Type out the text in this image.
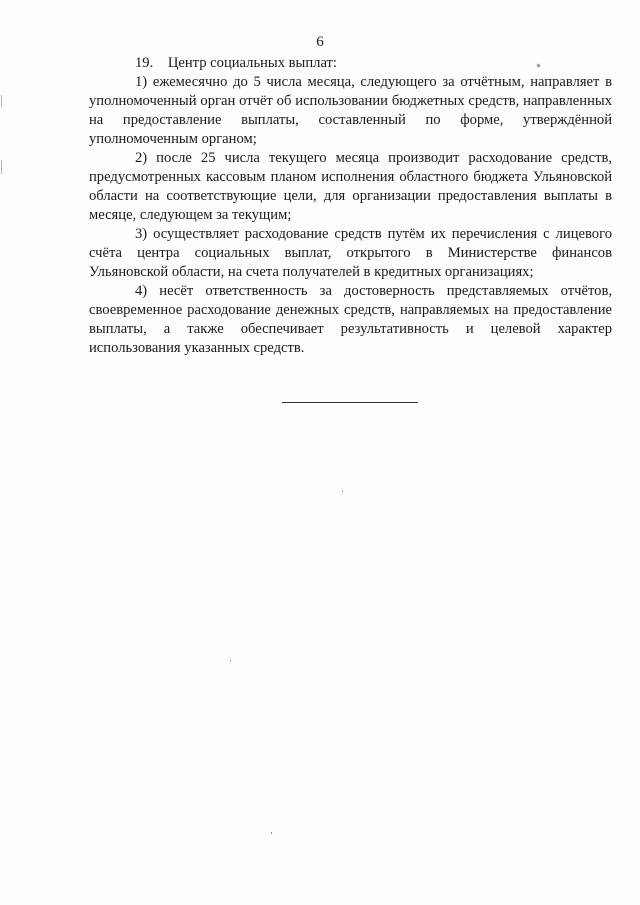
6

19. Центр социальных выплат:

1) ежемесячно до 5 числа месяца, следующего за отчётным, направляет в уполномоченный орган отчёт об использовании бюджетных средств, направленных на предоставление выплаты, составленный по форме, утверждённой уполномоченным органом;

2) после 25 числа текущего месяца производит расходование средств, предусмотренных кассовым планом исполнения областного бюджета Ульяновской области на соответствующие цели, для организации предоставления выплаты в месяце, следующем за текущим;

3) осуществляет расходование средств путём их перечисления с лицевого счёта центра социальных выплат, открытого в Министерстве финансов Ульяновской области, на счета получателей в кредитных организациях;

4) несёт ответственность за достоверность представляемых отчётов, своевременное расходование денежных средств, направляемых на предоставление выплаты, а также обеспечивает результативность и целевой характер использования указанных средств.
